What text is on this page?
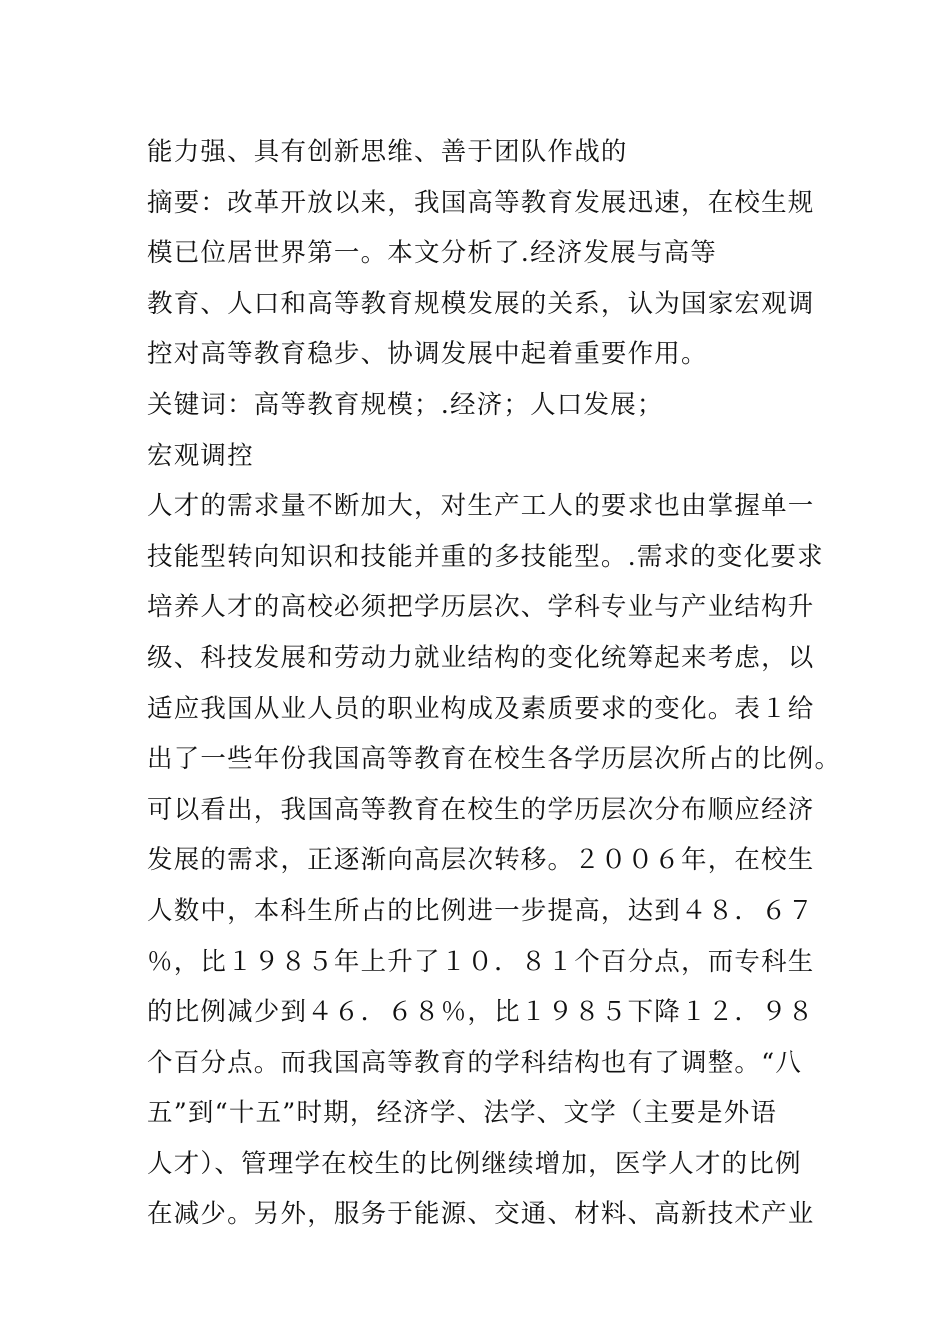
能力强、具有创新思维、善于团队作战的
摘要：改革开放以来，我国高等教育发展迅速，在校生规
模已位居世界第一。本文分析了.经济发展与高等
教育、人口和高等教育规模发展的关系，认为国家宏观调
控对高等教育稳步、协调发展中起着重要作用。
关键词：高等教育规模；.经济；人口发展；
宏观调控
人才的需求量不断加大，对生产工人的要求也由掌握单一
技能型转向知识和技能并重的多技能型。.需求的变化要求
培养人才的高校必须把学历层次、学科专业与产业结构升
级、科技发展和劳动力就业结构的变化统筹起来考虑，以
适应我国从业人员的职业构成及素质要求的变化。表１给
出了一些年份我国高等教育在校生各学历层次所占的比例。
可以看出，我国高等教育在校生的学历层次分布顺应经济
发展的需求，正逐渐向高层次转移。２００６年，在校生
人数中，本科生所占的比例进一步提高，达到４８．６７
％，比１９８５年上升了１０．８１个百分点，而专科生
的比例减少到４６．６８％，比１９８５下降１２．９８
个百分点。而我国高等教育的学科结构也有了调整。“八
五”到“十五”时期，经济学、法学、文学（主要是外语
人才）、管理学在校生的比例继续增加，医学人才的比例
在减少。另外，服务于能源、交通、材料、高新技术产业
